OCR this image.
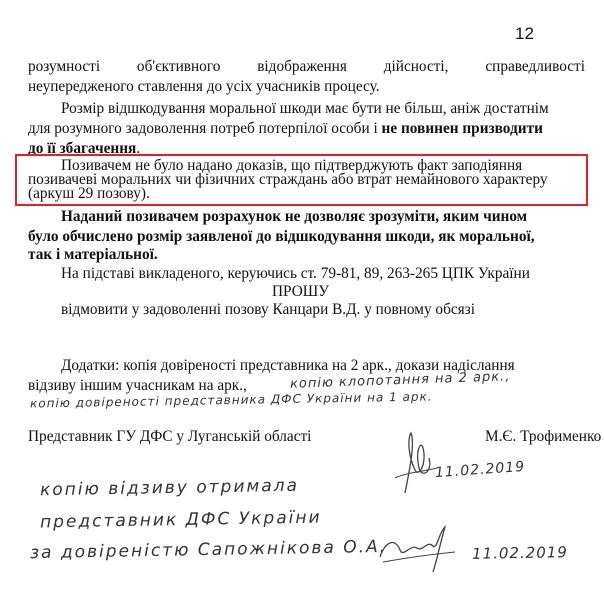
12
розумності об'єктивного відображення дійсності, справедливості
неупередженого ставлення до усіх учасників процесу.
Розмір відшкодування моральної шкоди має бути не більш, аніж достатнім
для розумного задоволення потреб потерпілої особи і не повинен призводити
до її збагачення.
Позивачем не було надано доказів, що підтверджують факт заподіяння
позивачеві моральних чи фізичних страждань або втрат немайнового характеру
(аркуш 29 позову).
Наданий позивачем розрахунок не дозволяє зрозуміти, яким чином
було обчислено розмір заявленої до відшкодування шкоди, як моральної,
так і матеріальної.
На підставі викладеного, керуючись ст. 79-81, 89, 263-265 ЦПК України
ПРОШУ
відмовити у задоволенні позову Канцари В.Д. у повному обсязі
Додатки: копія довіреності представника на 2 арк., докази надіслання
відзиву іншим учасникам на арк.,	копію клопотання на 2 арк.,
копію довіреності представника ДФС України на 1 арк.
Представник ГУ ДФС у Луганській області	М.Є. Трофименко
11.02.2019
копію відзиву отримала
представник ДФС України
за довіреністю Сапожнікова О.А.	11.02.2019
